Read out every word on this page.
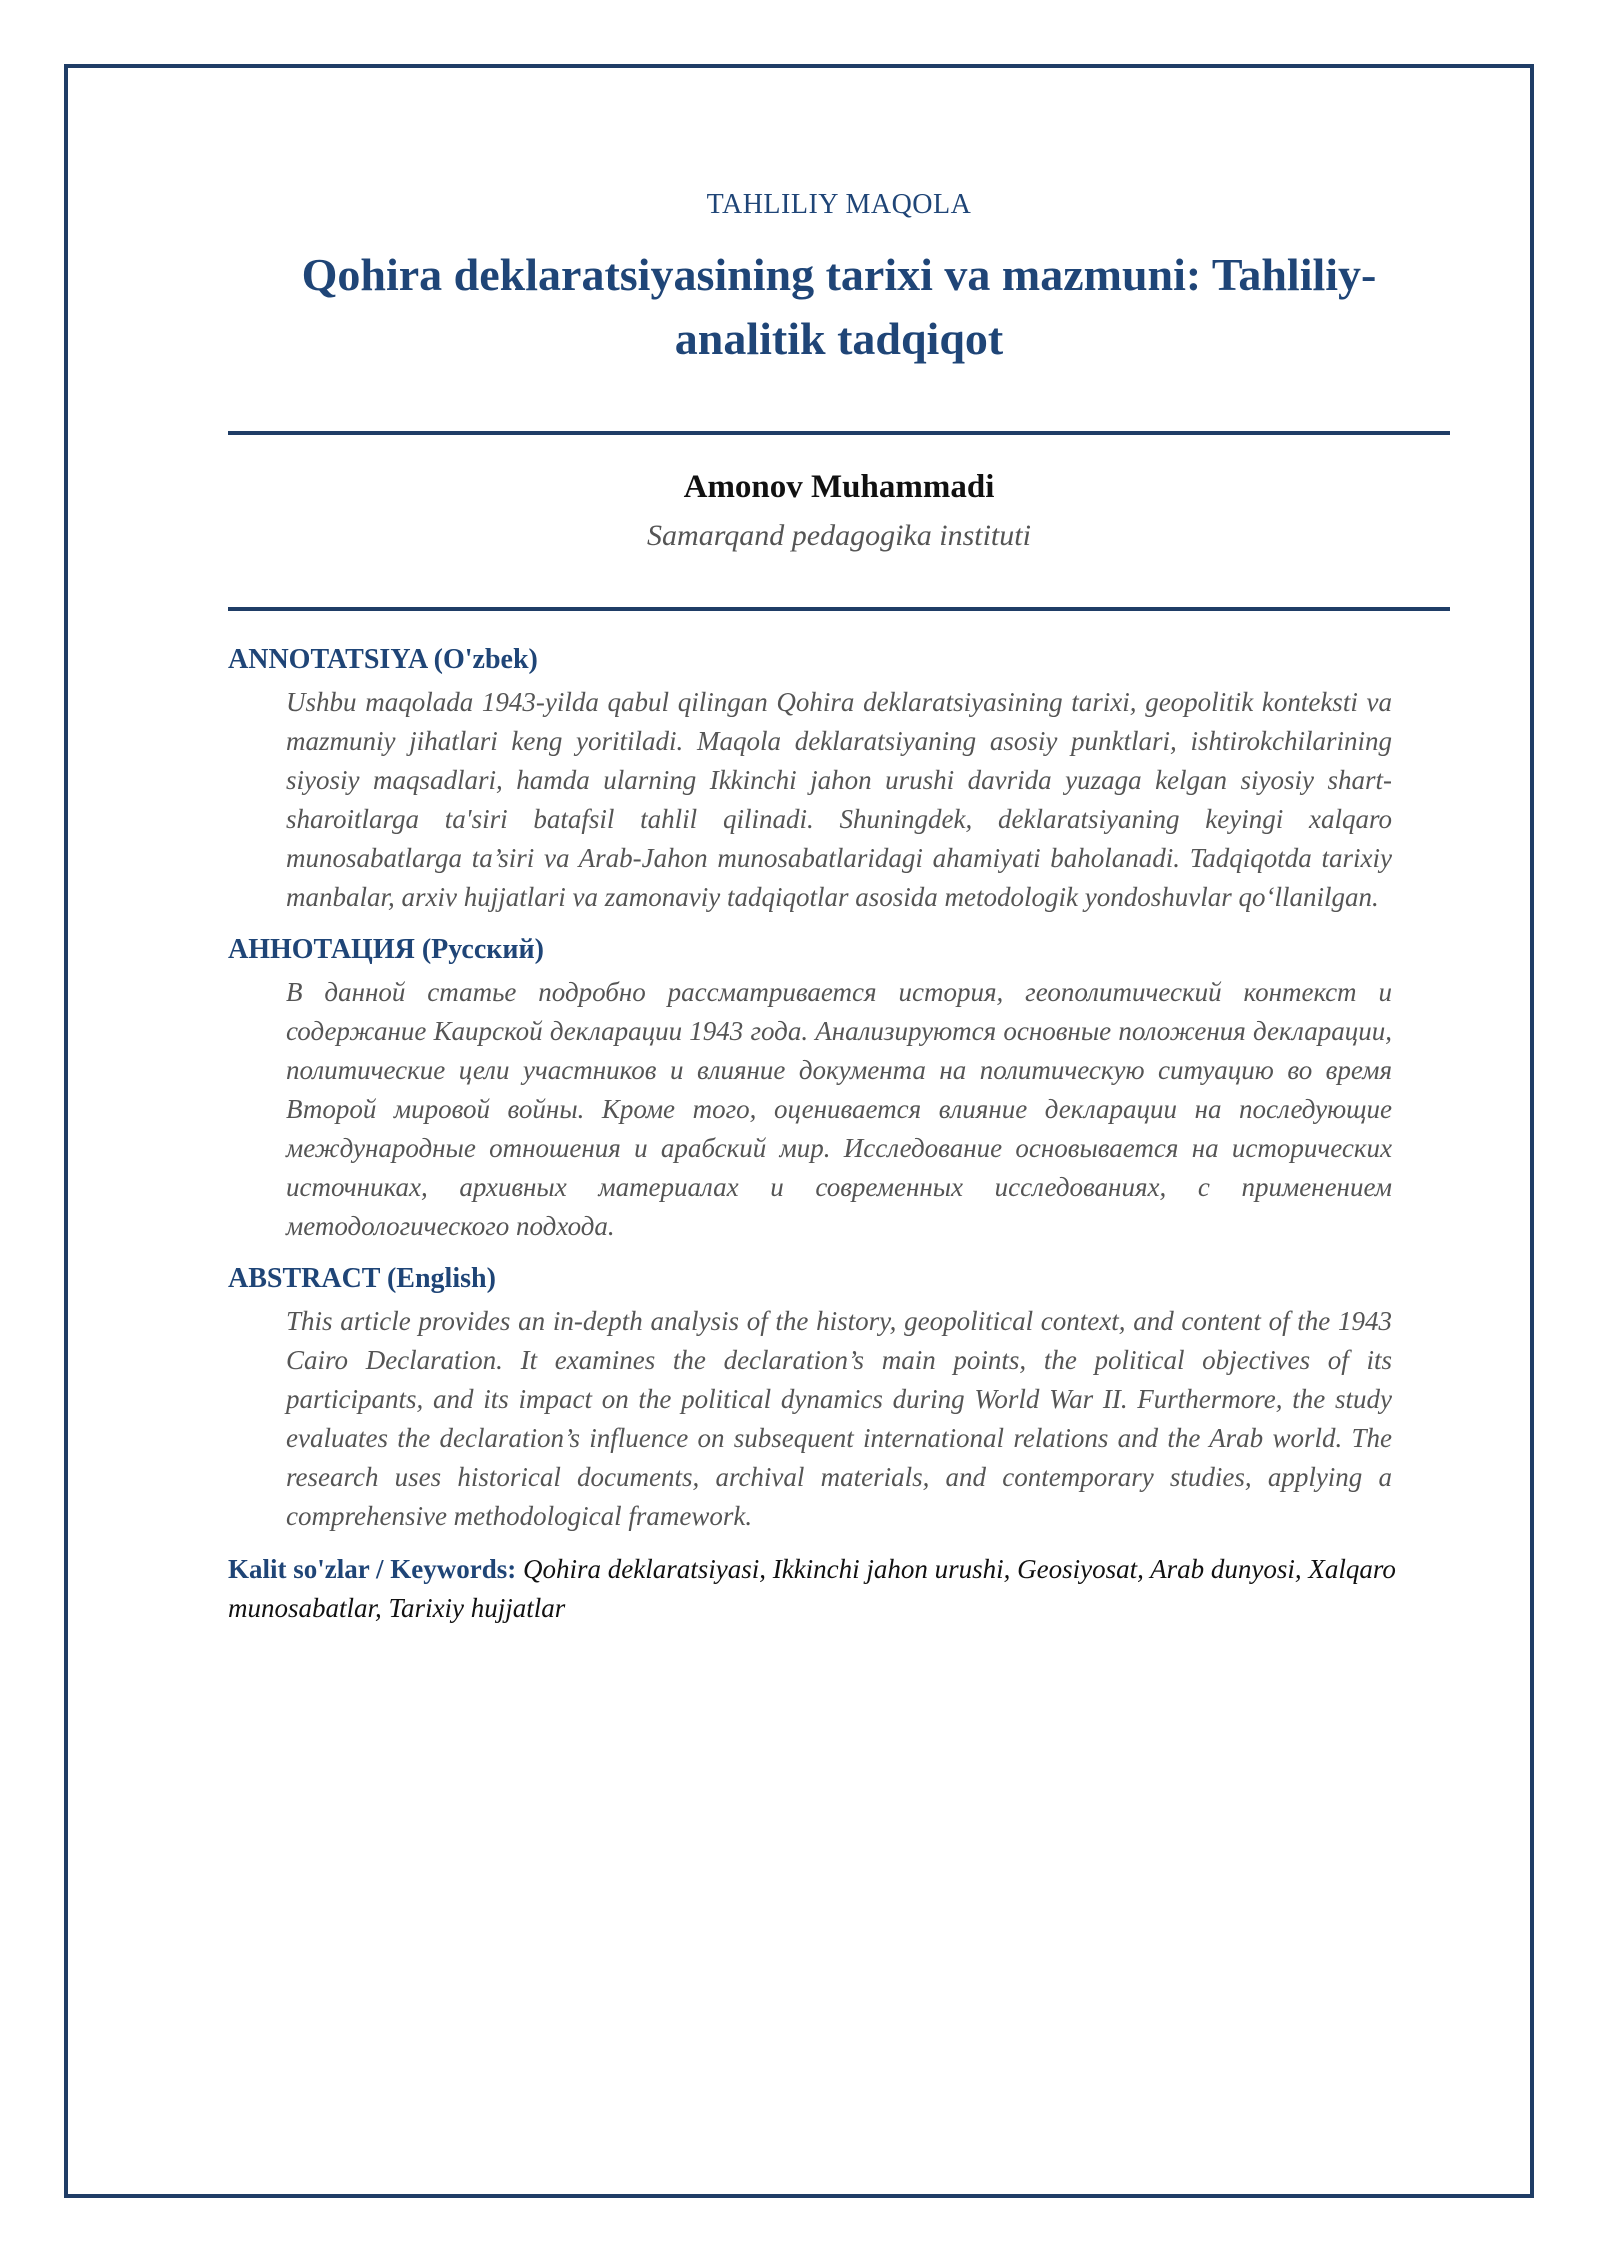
TAHLILIY MAQOLA

Qohira deklaratsiyasining tarixi va mazmuni: Tahliliy-analitik tadqiqot
Amonov Muhammadi
Samarqand pedagogika instituti
ANNOTATSIYA (O'zbek)

Ushbu maqolada 1943-yilda qabul qilingan Qohira deklaratsiyasining tarixi, geopolitik konteksti va mazmuniy jihatlari keng yoritiladi. Maqola deklaratsiyaning asosiy punktlari, ishtirokchilarining siyosiy maqsadlari, hamda ularning Ikkinchi jahon urushi davrida yuzaga kelgan siyosiy shart-sharoitlarga ta'siri batafsil tahlil qilinadi. Shuningdek, deklaratsiyaning keyingi xalqaro munosabatlarga ta’siri va Arab-Jahon munosabatlaridagi ahamiyati baholanadi. Tadqiqotda tarixiy manbalar, arxiv hujjatlari va zamonaviy tadqiqotlar asosida metodologik yondoshuvlar qo‘llanilgan.

АННОТАЦИЯ (Русский)

В данной статье подробно рассматривается история, геополитический контекст и содержание Каирской декларации 1943 года. Анализируются основные положения декларации, политические цели участников и влияние документа на политическую ситуацию во время Второй мировой войны. Кроме того, оценивается влияние декларации на последующие международные отношения и арабский мир. Исследование основывается на исторических источниках, архивных материалах и современных исследованиях, с применением методологического подхода.

ABSTRACT (English)

This article provides an in-depth analysis of the history, geopolitical context, and content of the 1943 Cairo Declaration. It examines the declaration’s main points, the political objectives of its participants, and its impact on the political dynamics during World War II. Furthermore, the study evaluates the declaration’s influence on subsequent international relations and the Arab world. The research uses historical documents, archival materials, and contemporary studies, applying a comprehensive methodological framework.

Kalit so'zlar / Keywords: Qohira deklaratsiyasi, Ikkinchi jahon urushi, Geosiyosat, Arab dunyosi, Xalqaro munosabatlar, Tarixiy hujjatlar
